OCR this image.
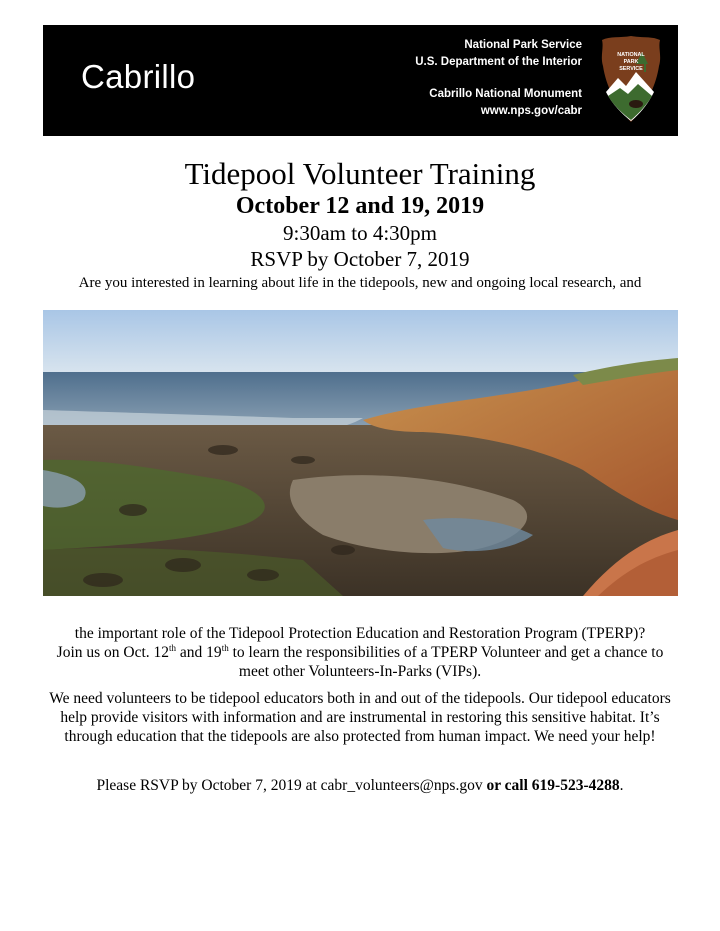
Cabrillo
National Park Service
U.S. Department of the Interior
Cabrillo National Monument
www.nps.gov/cabr
NATIONAL
PARK
SERVICE
Tidepool Volunteer Training
October 12 and 19, 2019
9:30am to 4:30pm
RSVP by October 7, 2019
Are you interested in learning about life in the tidepools, new and ongoing local research, and
the important role of the Tidepool Protection Education and Restoration Program (TPERP)?
Join us on Oct. 12th and 19th to learn the responsibilities of a TPERP Volunteer and get a chance to meet other Volunteers-In-Parks (VIPs).
We need volunteers to be tidepool educators both in and out of the tidepools. Our tidepool educators help provide visitors with information and are instrumental in restoring this sensitive habitat. It’s through education that the tidepools are also protected from human impact. We need your help!
Please RSVP by October 7, 2019 at cabr_volunteers@nps.gov or call 619-523-4288.
